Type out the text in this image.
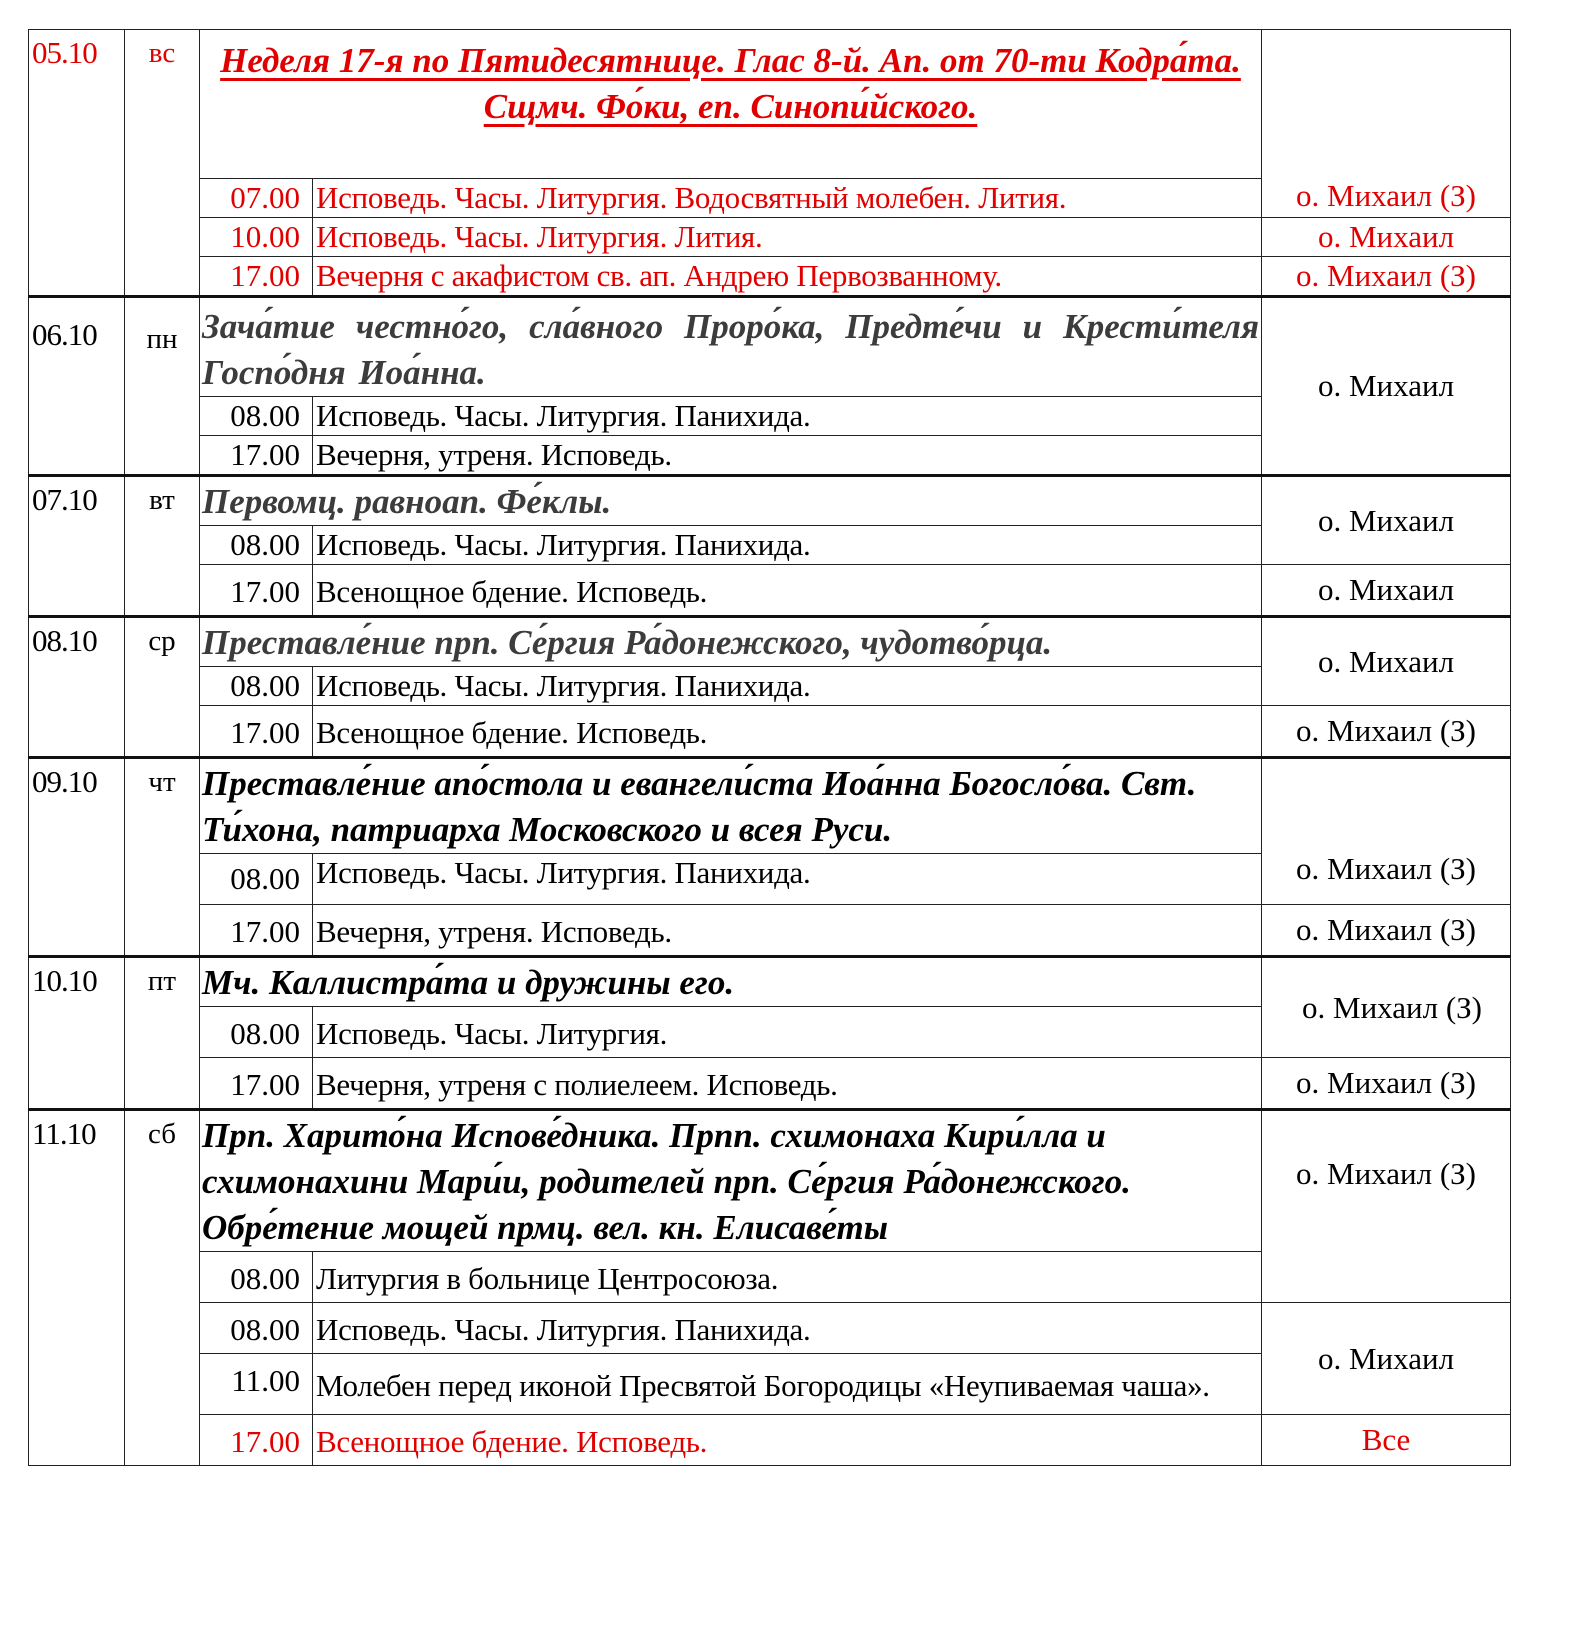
05.10	вс	Неделя 17-я по Пятидесятнице. Глас 8-й. Ап. от 70-ти Кодра́та. Сщмч. Фо́ки, еп. Синопи́йского.		о. Михаил (З)
		07.00	Исповедь. Часы. Литургия. Водосвятный молебен. Лития.	
		10.00	Исповедь. Часы. Литургия. Лития.	о. Михаил
		17.00	Вечерня с акафистом св. ап. Андрею Первозванному.	о. Михаил (З)
06.10	пн	Зача́тие честно́го, сла́вного Проро́ка, Предте́чи и Крести́теля Госпо́дня Иоа́нна.		о. Михаил
		08.00	Исповедь. Часы. Литургия. Панихида.	
		17.00	Вечерня, утреня. Исповедь.	
07.10	вт	Первомц. равноап. Фе́клы.		о. Михаил
		08.00	Исповедь. Часы. Литургия. Панихида.	
		17.00	Всенощное бдение. Исповедь.	о. Михаил
08.10	ср	Преставле́ние прп. Се́ргия Ра́донежского, чудотво́рца.		о. Михаил
		08.00	Исповедь. Часы. Литургия. Панихида.	
		17.00	Всенощное бдение. Исповедь.	о. Михаил (З)
09.10	чт	Преставле́ние апо́стола и евангели́ста Иоа́нна Богосло́ва. Свт. Ти́хона, патриарха Московского и всея Руси.		о. Михаил (З)
		08.00	Исповедь. Часы. Литургия. Панихида.	
		17.00	Вечерня, утреня. Исповедь.	о. Михаил (З)
10.10	пт	Мч. Каллистра́та и дружины его.		о. Михаил (З)
		08.00	Исповедь. Часы. Литургия.	
		17.00	Вечерня, утреня с полиелеем. Исповедь.	о. Михаил (З)
11.10	сб	Прп. Харито́на Испове́дника. Прпп. схимонаха Кири́лла и схимонахини Мари́и, родителей прп. Се́ргия Ра́донежского. Обре́тение мощей прмц. вел. кн. Елисаве́ты		о. Михаил (З)
		08.00	Литургия в больнице Центросоюза.	
		08.00	Исповедь. Часы. Литургия. Панихида.	о. Михаил
		11.00	Молебен перед иконой Пресвятой Богородицы «Неупиваемая чаша».	
		17.00	Всенощное бдение. Исповедь.	Все
